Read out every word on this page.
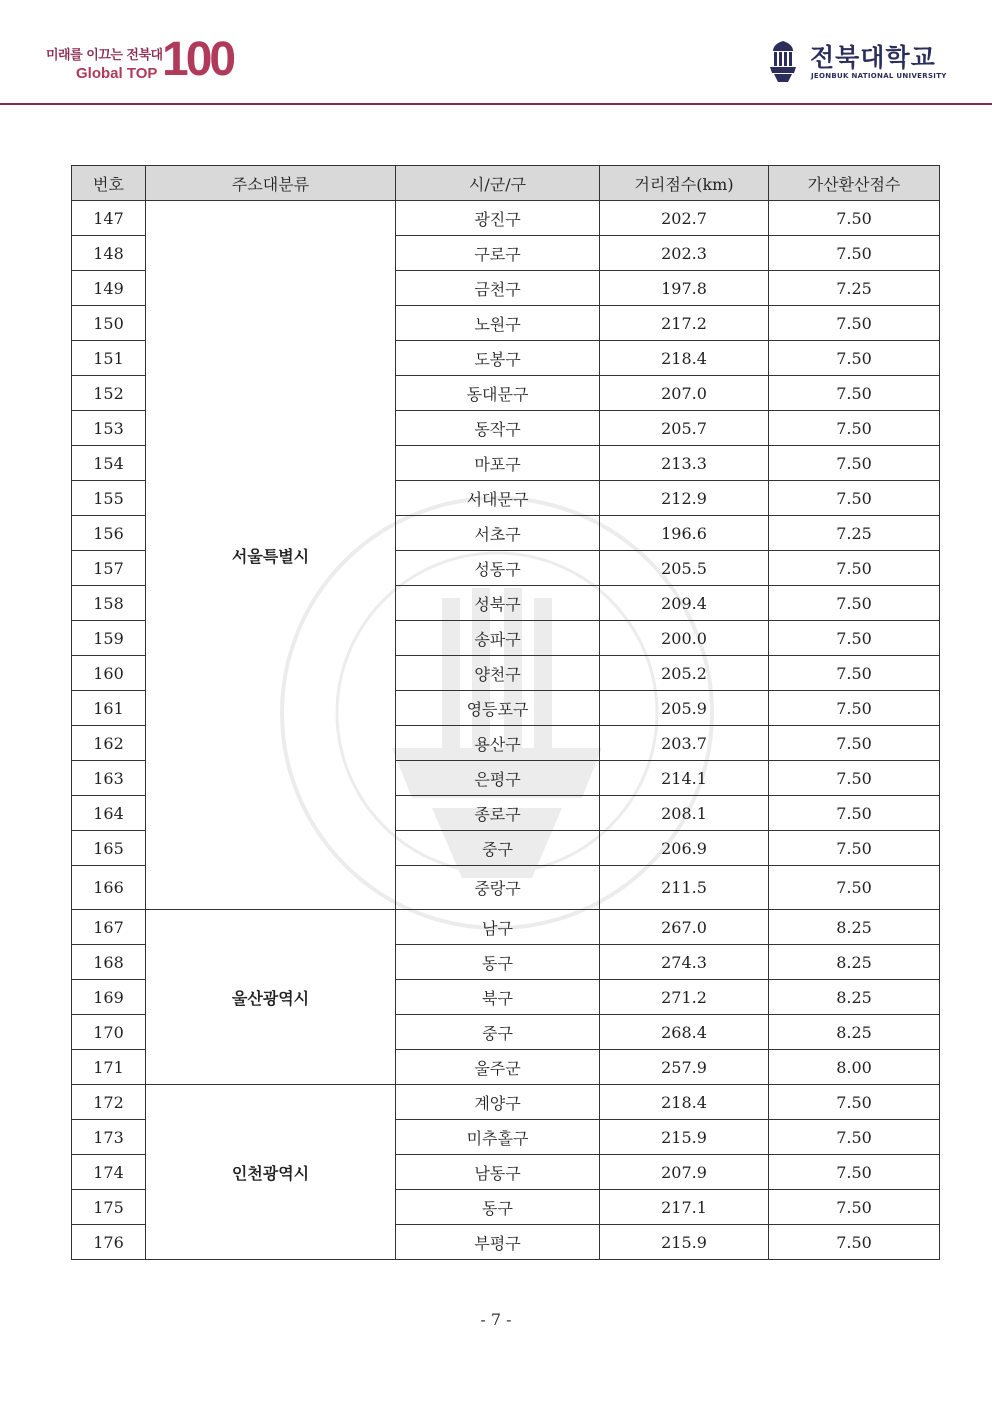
미래를 이끄는 전북대
Global TOP 100	전북대학교
JEONBUK NATIONAL UNIVERSITY
번호	주소대분류	시/군/구	거리점수(km)	가산환산점수
147	서울특별시	광진구	202.7	7.50
148		구로구	202.3	7.50
149		금천구	197.8	7.25
150		노원구	217.2	7.50
151		도봉구	218.4	7.50
152		동대문구	207.0	7.50
153		동작구	205.7	7.50
154		마포구	213.3	7.50
155		서대문구	212.9	7.50
156		서초구	196.6	7.25
157		성동구	205.5	7.50
158		성북구	209.4	7.50
159		송파구	200.0	7.50
160		양천구	205.2	7.50
161		영등포구	205.9	7.50
162		용산구	203.7	7.50
163		은평구	214.1	7.50
164		종로구	208.1	7.50
165		중구	206.9	7.50
166		중랑구	211.5	7.50
167	울산광역시	남구	267.0	8.25
168		동구	274.3	8.25
169		북구	271.2	8.25
170		중구	268.4	8.25
171		울주군	257.9	8.00
172	인천광역시	계양구	218.4	7.50
173		미추홀구	215.9	7.50
174		남동구	207.9	7.50
175		동구	217.1	7.50
176		부평구	215.9	7.50
- 7 -
